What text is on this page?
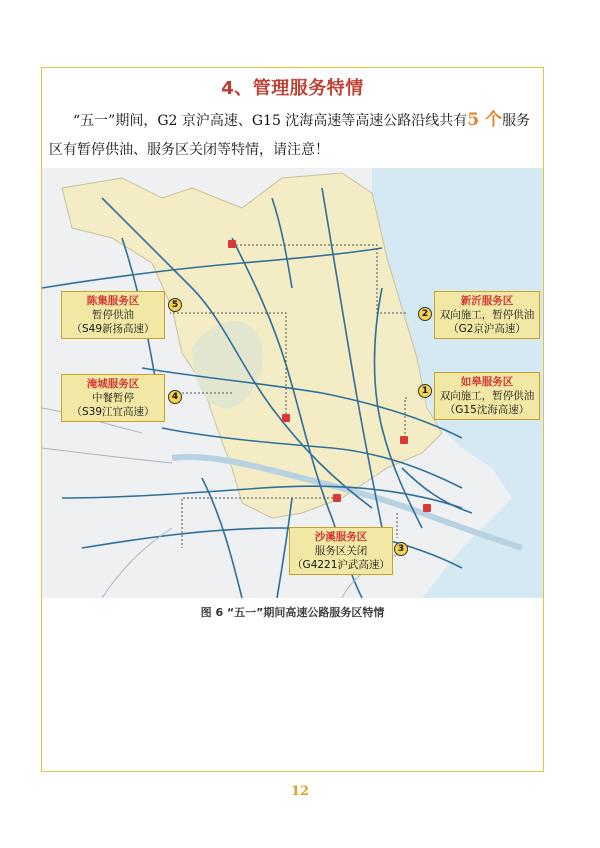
4、管理服务特情
“五一”期间，G2 京沪高速、G15 沈海高速等高速公路沿线共有5 个服务
区有暂停供油、服务区关闭等特情，请注意！
陈集服务区
暂停供油
（S49新扬高速）
5
淹城服务区
中餐暂停
（S39江宜高速）
4
新沂服务区
双向施工，暂停供油
（G2京沪高速）
2
如皋服务区
双向施工，暂停供油
（G15沈海高速）
1
沙溪服务区
服务区关闭
（G4221沪武高速）
3
图 6 “五一”期间高速公路服务区特情
12
